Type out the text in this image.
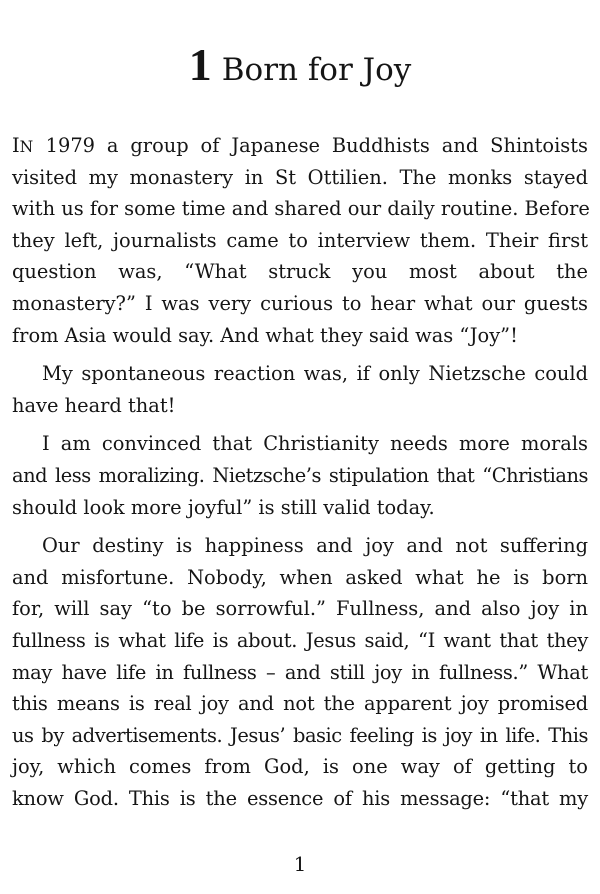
1 Born for Joy
IN 1979 a group of Japanese Buddhists and Shintoists
visited my monastery in St Ottilien. The monks stayed
with us for some time and shared our daily routine. Before
they left, journalists came to interview them. Their first
question was, “What struck you most about the
monastery?” I was very curious to hear what our guests
from Asia would say. And what they said was “Joy”!
My spontaneous reaction was, if only Nietzsche could
have heard that!
I am convinced that Christianity needs more morals
and less moralizing. Nietzsche’s stipulation that “Christians
should look more joyful” is still valid today.
Our destiny is happiness and joy and not suffering
and misfortune. Nobody, when asked what he is born
for, will say “to be sorrowful.” Fullness, and also joy in
fullness is what life is about. Jesus said, “I want that they
may have life in fullness – and still joy in fullness.” What
this means is real joy and not the apparent joy promised
us by advertisements. Jesus’ basic feeling is joy in life. This
joy, which comes from God, is one way of getting to
know God. This is the essence of his message: “that my
1
